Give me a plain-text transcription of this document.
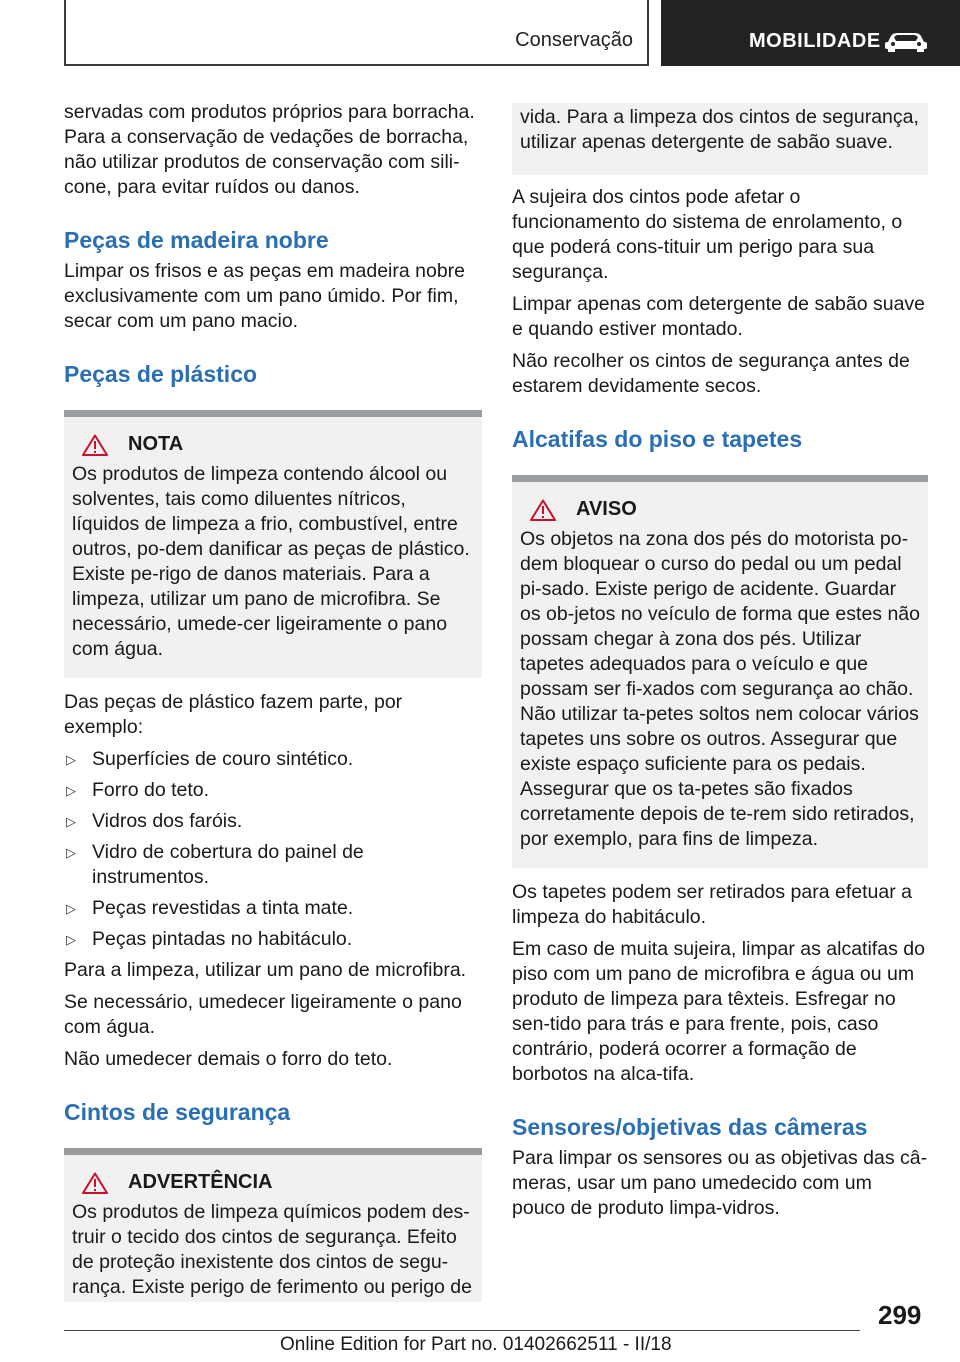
Conservação	MOBILIDADE

servadas com produtos próprios para borracha. Para a conservação de vedações de borracha, não utilizar produtos de conservação com sili-cone, para evitar ruídos ou danos.

Peças de madeira nobre

Limpar os frisos e as peças em madeira nobre exclusivamente com um pano úmido. Por fim, secar com um pano macio.

Peças de plástico
NOTA

Os produtos de limpeza contendo álcool ou solventes, tais como diluentes nítricos, líquidos de limpeza a frio, combustível, entre outros, po-dem danificar as peças de plástico. Existe pe-rigo de danos materiais. Para a limpeza, utilizar um pano de microfibra. Se necessário, umede-cer ligeiramente o pano com água.

Das peças de plástico fazem parte, por exemplo:

▷ Superfícies de couro sintético.
▷ Forro do teto.
▷ Vidros dos faróis.
▷ Vidro de cobertura do painel de instrumentos.
▷ Peças revestidas a tinta mate.
▷ Peças pintadas no habitáculo.

Para a limpeza, utilizar um pano de microfibra.

Se necessário, umedecer ligeiramente o pano com água.

Não umedecer demais o forro do teto.

Cintos de segurança
ADVERTÊNCIA

Os produtos de limpeza químicos podem des-truir o tecido dos cintos de segurança. Efeito de proteção inexistente dos cintos de segu-rança. Existe perigo de ferimento ou perigo de

vida. Para a limpeza dos cintos de segurança, utilizar apenas detergente de sabão suave.

A sujeira dos cintos pode afetar o funcionamento do sistema de enrolamento, o que poderá cons-tituir um perigo para sua segurança.

Limpar apenas com detergente de sabão suave e quando estiver montado.

Não recolher os cintos de segurança antes de estarem devidamente secos.

Alcatifas do piso e tapetes
AVISO

Os objetos na zona dos pés do motorista po-dem bloquear o curso do pedal ou um pedal pi-sado. Existe perigo de acidente. Guardar os ob-jetos no veículo de forma que estes não possam chegar à zona dos pés. Utilizar tapetes adequados para o veículo e que possam ser fi-xados com segurança ao chão. Não utilizar ta-petes soltos nem colocar vários tapetes uns sobre os outros. Assegurar que existe espaço suficiente para os pedais. Assegurar que os ta-petes são fixados corretamente depois de te-rem sido retirados, por exemplo, para fins de limpeza.

Os tapetes podem ser retirados para efetuar a limpeza do habitáculo.

Em caso de muita sujeira, limpar as alcatifas do piso com um pano de microfibra e água ou um produto de limpeza para têxteis. Esfregar no sen-tido para trás e para frente, pois, caso contrário, poderá ocorrer a formação de borbotos na alca-tifa.

Sensores/objetivas das câmeras

Para limpar os sensores ou as objetivas das câ-meras, usar um pano umedecido com um pouco de produto limpa-vidros.

299
Online Edition for Part no. 01402662511 - II/18
